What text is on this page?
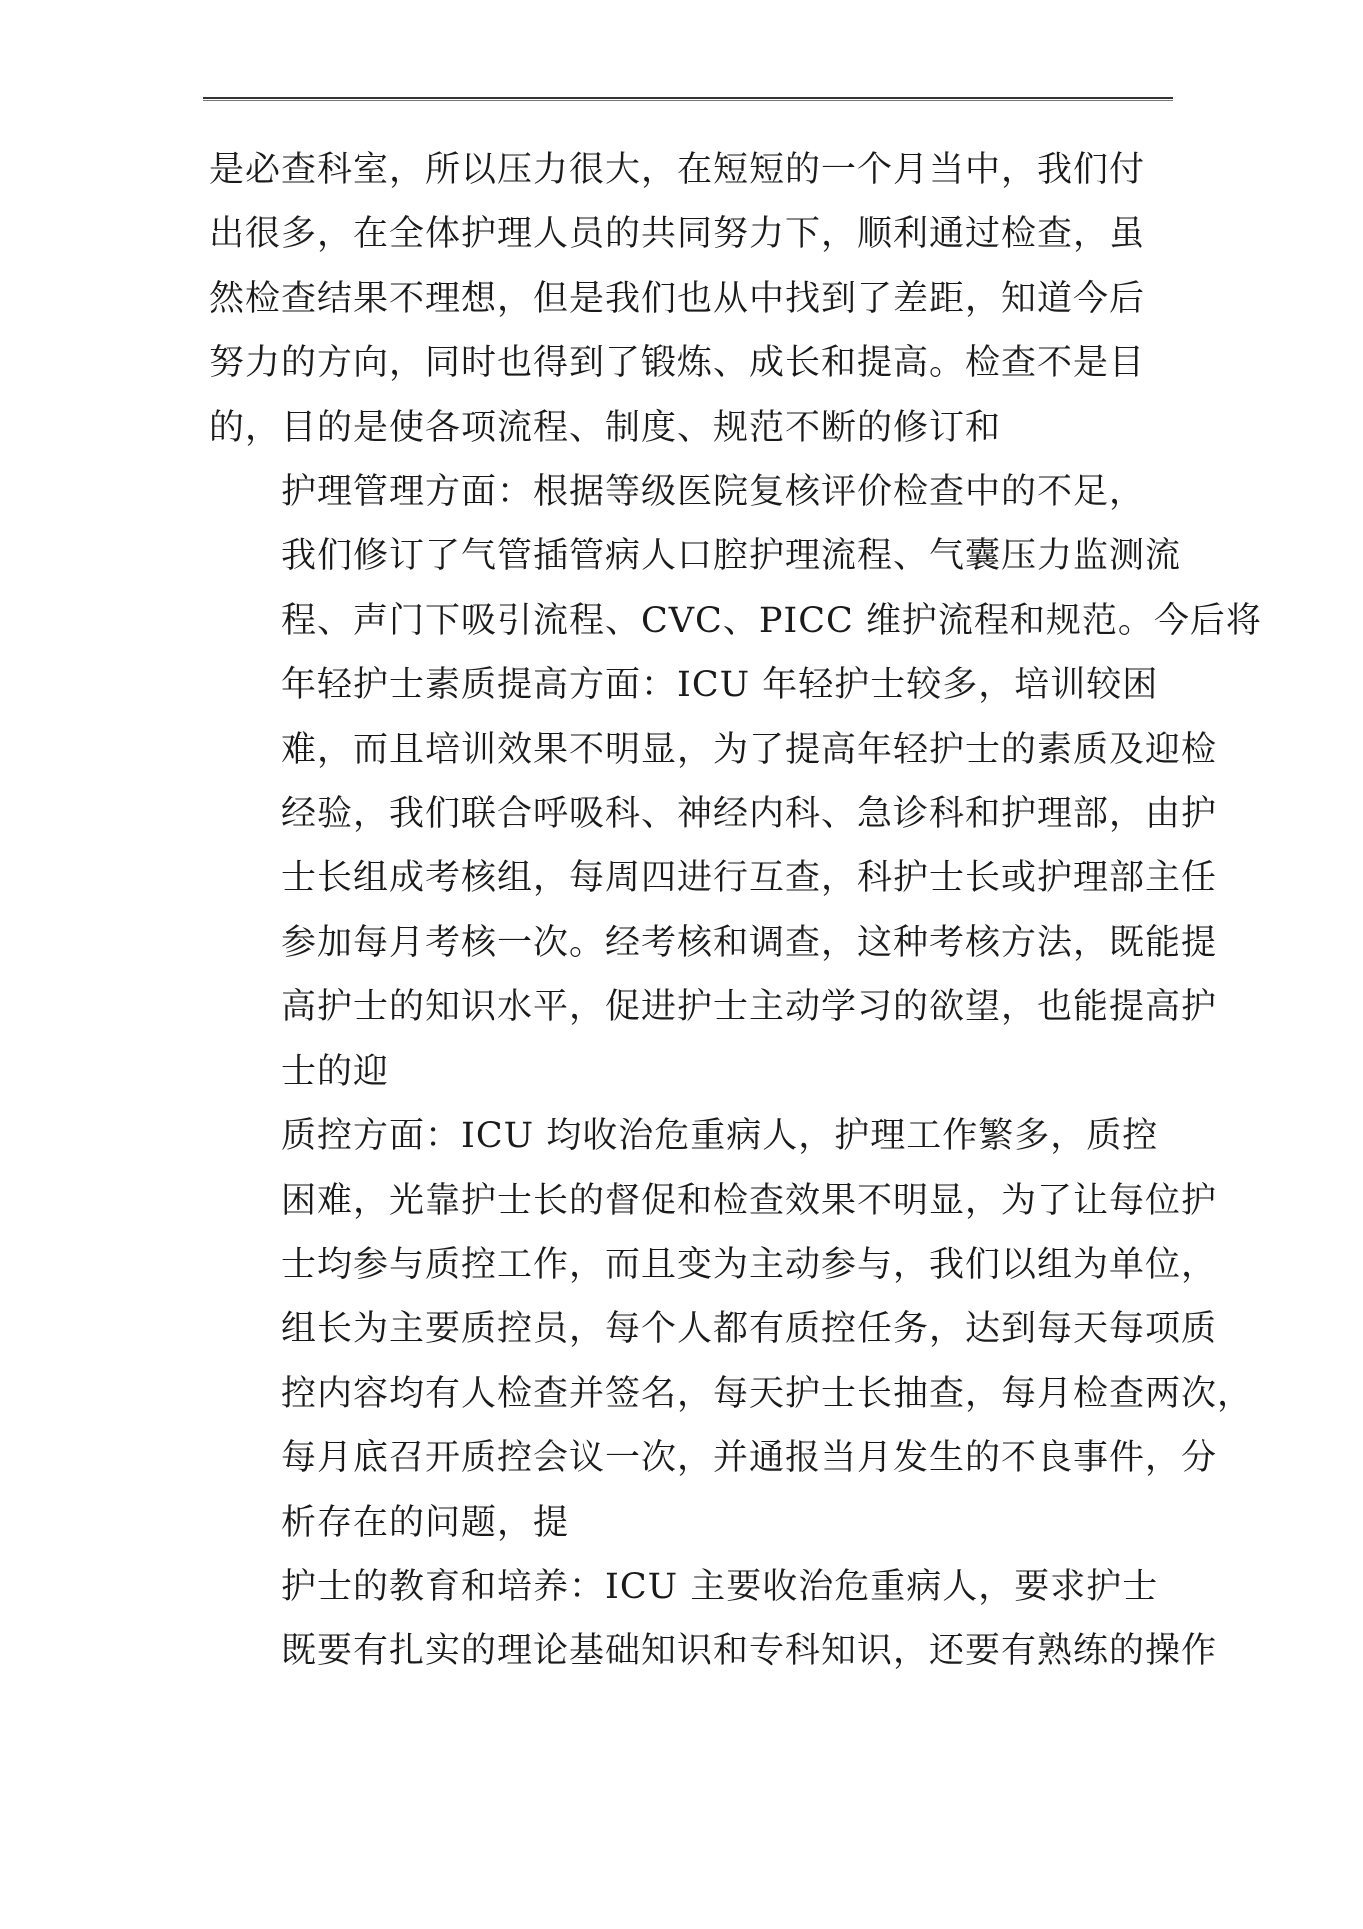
是必查科室，所以压力很大，在短短的一个月当中，我们付
出很多，在全体护理人员的共同努力下，顺利通过检查，虽
然检查结果不理想，但是我们也从中找到了差距，知道今后
努力的方向，同时也得到了锻炼、成长和提高。检查不是目
的，目的是使各项流程、制度、规范不断的修订和

护理管理方面：根据等级医院复核评价检查中的不足，
我们修订了气管插管病人口腔护理流程、气囊压力监测流
程、声门下吸引流程、CVC、PICC 维护流程和规范。今后将

年轻护士素质提高方面：ICU 年轻护士较多，培训较困
难，而且培训效果不明显，为了提高年轻护士的素质及迎检
经验，我们联合呼吸科、神经内科、急诊科和护理部，由护
士长组成考核组，每周四进行互查，科护士长或护理部主任
参加每月考核一次。经考核和调查，这种考核方法，既能提
高护士的知识水平，促进护士主动学习的欲望，也能提高护
士的迎

质控方面：ICU 均收治危重病人，护理工作繁多，质控
困难，光靠护士长的督促和检查效果不明显，为了让每位护
士均参与质控工作，而且变为主动参与，我们以组为单位，
组长为主要质控员，每个人都有质控任务，达到每天每项质
控内容均有人检查并签名，每天护士长抽查，每月检查两次，
每月底召开质控会议一次，并通报当月发生的不良事件，分
析存在的问题，提

护士的教育和培养：ICU 主要收治危重病人，要求护士
既要有扎实的理论基础知识和专科知识，还要有熟练的操作
